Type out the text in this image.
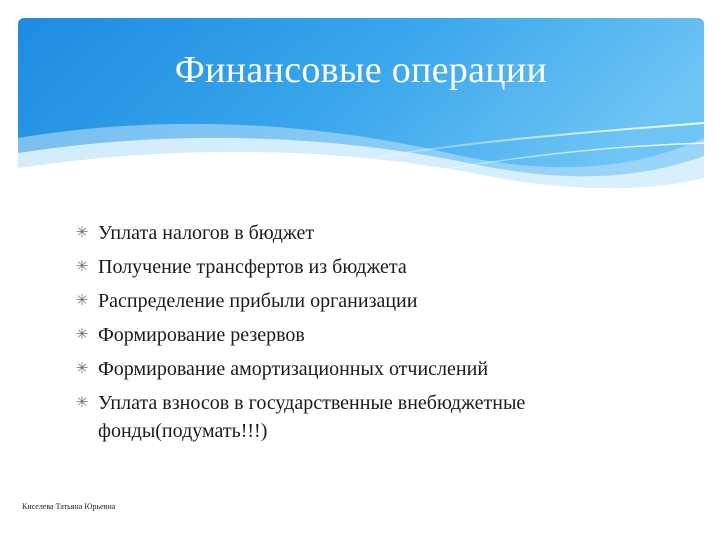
Финансовые операции
✳ Уплата налогов в бюджет
✳ Получение трансфертов из бюджета
✳ Распределение прибыли организации
✳ Формирование резервов
✳ Формирование амортизационных отчислений
✳ Уплата взносов в государственные внебюджетные фонды(подумать!!!)
Киселева Татьяна Юрьевна
